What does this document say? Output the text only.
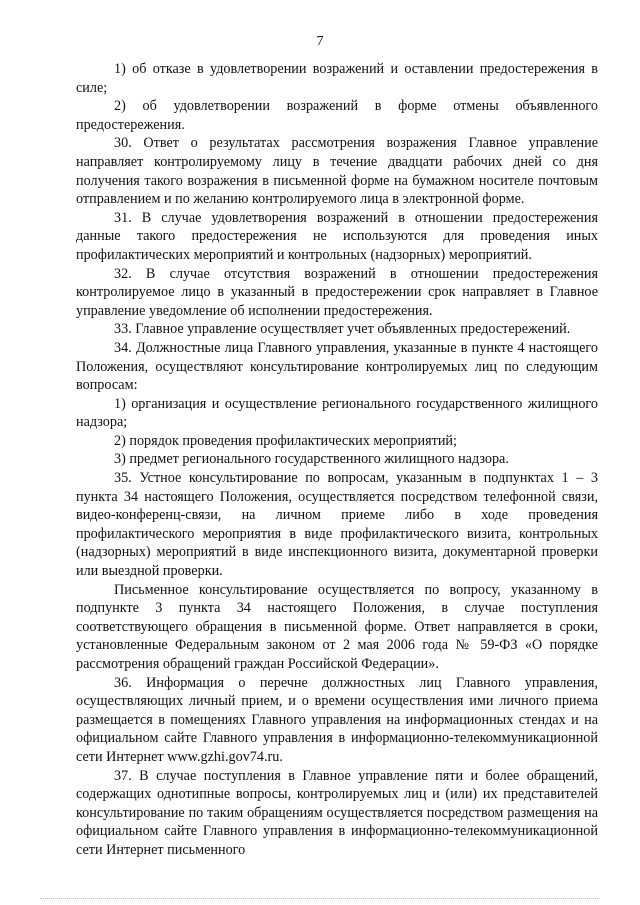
7

1) об отказе в удовлетворении возражений и оставлении предостережения в силе;

2) об удовлетворении возражений в форме отмены объявленного предостережения.

30. Ответ о результатах рассмотрения возражения Главное управление направляет контролируемому лицу в течение двадцати рабочих дней со дня получения такого возражения в письменной форме на бумажном носителе почтовым отправлением и по желанию контролируемого лица в электронной форме.

31. В случае удовлетворения возражений в отношении предостережения данные такого предостережения не используются для проведения иных профилактических мероприятий и контрольных (надзорных) мероприятий.

32. В случае отсутствия возражений в отношении предостережения контролируемое лицо в указанный в предостережении срок направляет в Главное управление уведомление об исполнении предостережения.

33. Главное управление осуществляет учет объявленных предостережений.

34. Должностные лица Главного управления, указанные в пункте 4 настоящего Положения, осуществляют консультирование контролируемых лиц по следующим вопросам:

1) организация и осуществление регионального государственного жилищного надзора;

2) порядок проведения профилактических мероприятий;

3) предмет регионального государственного жилищного надзора.

35. Устное консультирование по вопросам, указанным в подпунктах 1 – 3 пункта 34 настоящего Положения, осуществляется посредством телефонной связи, видео-конференц-связи, на личном приеме либо в ходе проведения профилактического мероприятия в виде профилактического визита, контрольных (надзорных) мероприятий в виде инспекционного визита, документарной проверки или выездной проверки.

Письменное консультирование осуществляется по вопросу, указанному в подпункте 3 пункта 34 настоящего Положения, в случае поступления соответствующего обращения в письменной форме. Ответ направляется в сроки, установленные Федеральным законом от 2 мая 2006 года № 59-ФЗ «О порядке рассмотрения обращений граждан Российской Федерации».

36. Информация о перечне должностных лиц Главного управления, осуществляющих личный прием, и о времени осуществления ими личного приема размещается в помещениях Главного управления на информационных стендах и на официальном сайте Главного управления в информационно-телекоммуникационной сети Интернет www.gzhi.gov74.ru.

37. В случае поступления в Главное управление пяти и более обращений, содержащих однотипные вопросы, контролируемых лиц и (или) их представителей консультирование по таким обращениям осуществляется посредством размещения на официальном сайте Главного управления в информационно-телекоммуникационной сети Интернет письменного
